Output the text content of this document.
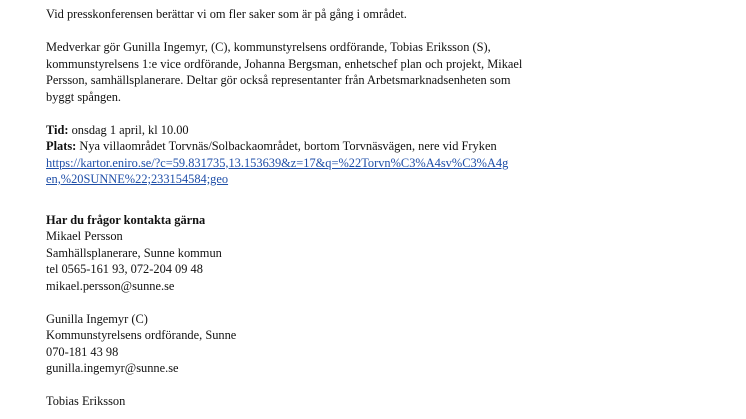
Vid presskonferensen berättar vi om fler saker som är på gång i området.
Medverkar gör Gunilla Ingemyr, (C), kommunstyrelsens ordförande, Tobias Eriksson (S),
kommunstyrelsens 1:e vice ordförande, Johanna Bergsman, enhetschef plan och projekt, Mikael
Persson, samhällsplanerare. Deltar gör också representanter från Arbetsmarknadsenheten som
byggt spången.
Tid: onsdag 1 april, kl 10.00
Plats: Nya villaområdet Torvnäs/Solbackaområdet, bortom Torvnäsvägen, nere vid Fryken
https://kartor.eniro.se/?c=59.831735,13.153639&z=17&q=%22Torvn%C3%A4sv%C3%A4g
en,%20SUNNE%22;233154584;geo
Har du frågor kontakta gärna
Mikael Persson
Samhällsplanerare, Sunne kommun
tel 0565-161 93, 072-204 09 48
mikael.persson@sunne.se
Gunilla Ingemyr (C)
Kommunstyrelsens ordförande, Sunne
070-181 43 98
gunilla.ingemyr@sunne.se
Tobias Eriksson
